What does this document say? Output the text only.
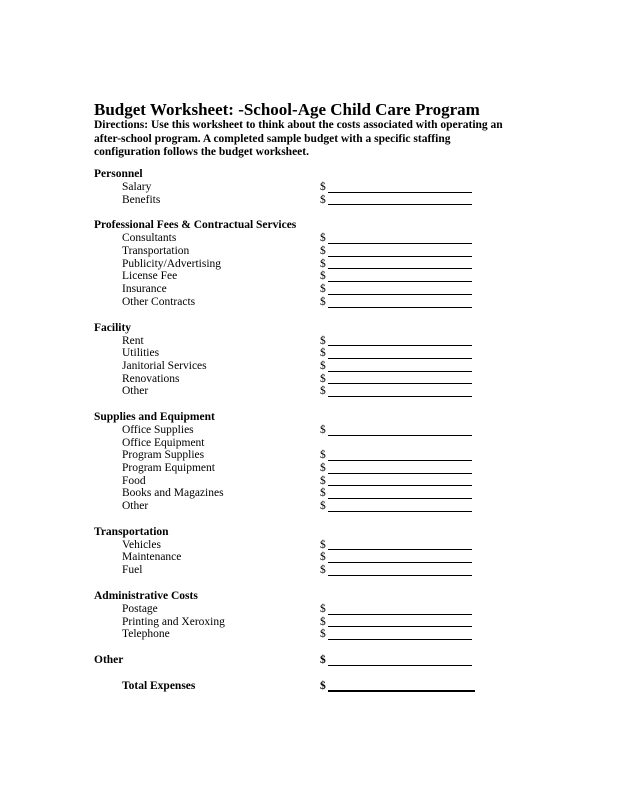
Budget Worksheet: -School-Age Child Care Program

Directions: Use this worksheet to think about the costs associated with operating an

after-school program. A completed sample budget with a specific staffing

configuration follows the budget worksheet.

Personnel
Salary	$
Benefits	$
Professional Fees & Contractual Services
Consultants	$
Transportation	$
Publicity/Advertising	$
License Fee	$
Insurance	$
Other Contracts	$
Facility
Rent	$
Utilities	$
Janitorial Services	$
Renovations	$
Other	$
Supplies and Equipment
Office Supplies	$
Office Equipment
Program Supplies	$
Program Equipment	$
Food	$
Books and Magazines	$
Other	$
Transportation
Vehicles	$
Maintenance	$
Fuel	$
Administrative Costs
Postage	$
Printing and Xeroxing	$
Telephone	$
Other	$
Total Expenses	$
